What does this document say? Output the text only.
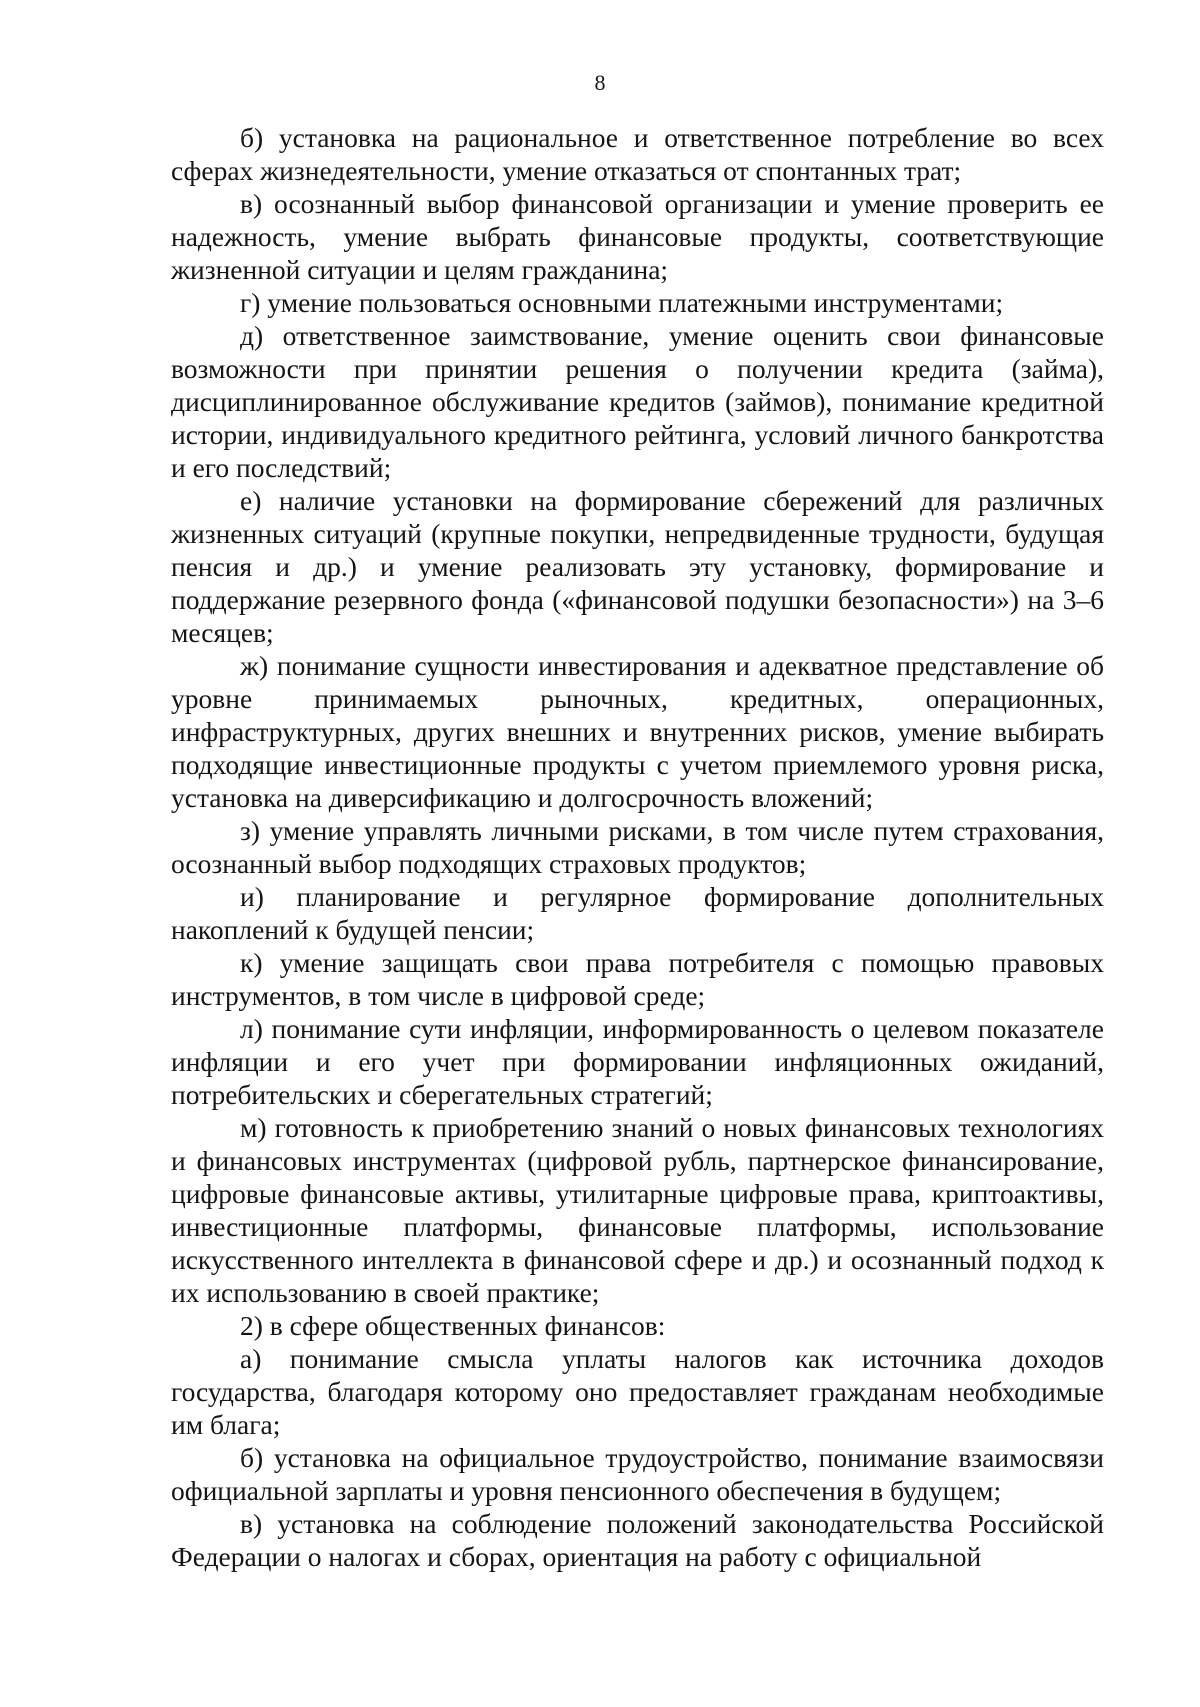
8

б) установка на рациональное и ответственное потребление во всех сферах жизнедеятельности, умение отказаться от спонтанных трат;

в) осознанный выбор финансовой организации и умение проверить ее надежность, умение выбрать финансовые продукты, соответствующие жизненной ситуации и целям гражданина;

г) умение пользоваться основными платежными инструментами;

д) ответственное заимствование, умение оценить свои финансовые возможности при принятии решения о получении кредита (займа), дисциплинированное обслуживание кредитов (займов), понимание кредитной истории, индивидуального кредитного рейтинга, условий личного банкротства и его последствий;

е) наличие установки на формирование сбережений для различных жизненных ситуаций (крупные покупки, непредвиденные трудности, будущая пенсия и др.) и умение реализовать эту установку, формирование и поддержание резервного фонда («финансовой подушки безопасности») на 3–6 месяцев;

ж) понимание сущности инвестирования и адекватное представление об уровне принимаемых рыночных, кредитных, операционных, инфраструктурных, других внешних и внутренних рисков, умение выбирать подходящие инвестиционные продукты с учетом приемлемого уровня риска, установка на диверсификацию и долгосрочность вложений;

з) умение управлять личными рисками, в том числе путем страхования, осознанный выбор подходящих страховых продуктов;

и) планирование и регулярное формирование дополнительных накоплений к будущей пенсии;

к) умение защищать свои права потребителя с помощью правовых инструментов, в том числе в цифровой среде;

л) понимание сути инфляции, информированность о целевом показателе инфляции и его учет при формировании инфляционных ожиданий, потребительских и сберегательных стратегий;

м) готовность к приобретению знаний о новых финансовых технологиях и финансовых инструментах (цифровой рубль, партнерское финансирование, цифровые финансовые активы, утилитарные цифровые права, криптоактивы, инвестиционные платформы, финансовые платформы, использование искусственного интеллекта в финансовой сфере и др.) и осознанный подход к их использованию в своей практике;

2) в сфере общественных финансов:

а) понимание смысла уплаты налогов как источника доходов государства, благодаря которому оно предоставляет гражданам необходимые им блага;

б) установка на официальное трудоустройство, понимание взаимосвязи официальной зарплаты и уровня пенсионного обеспечения в будущем;

в) установка на соблюдение положений законодательства Российской Федерации о налогах и сборах, ориентация на работу с официальной
